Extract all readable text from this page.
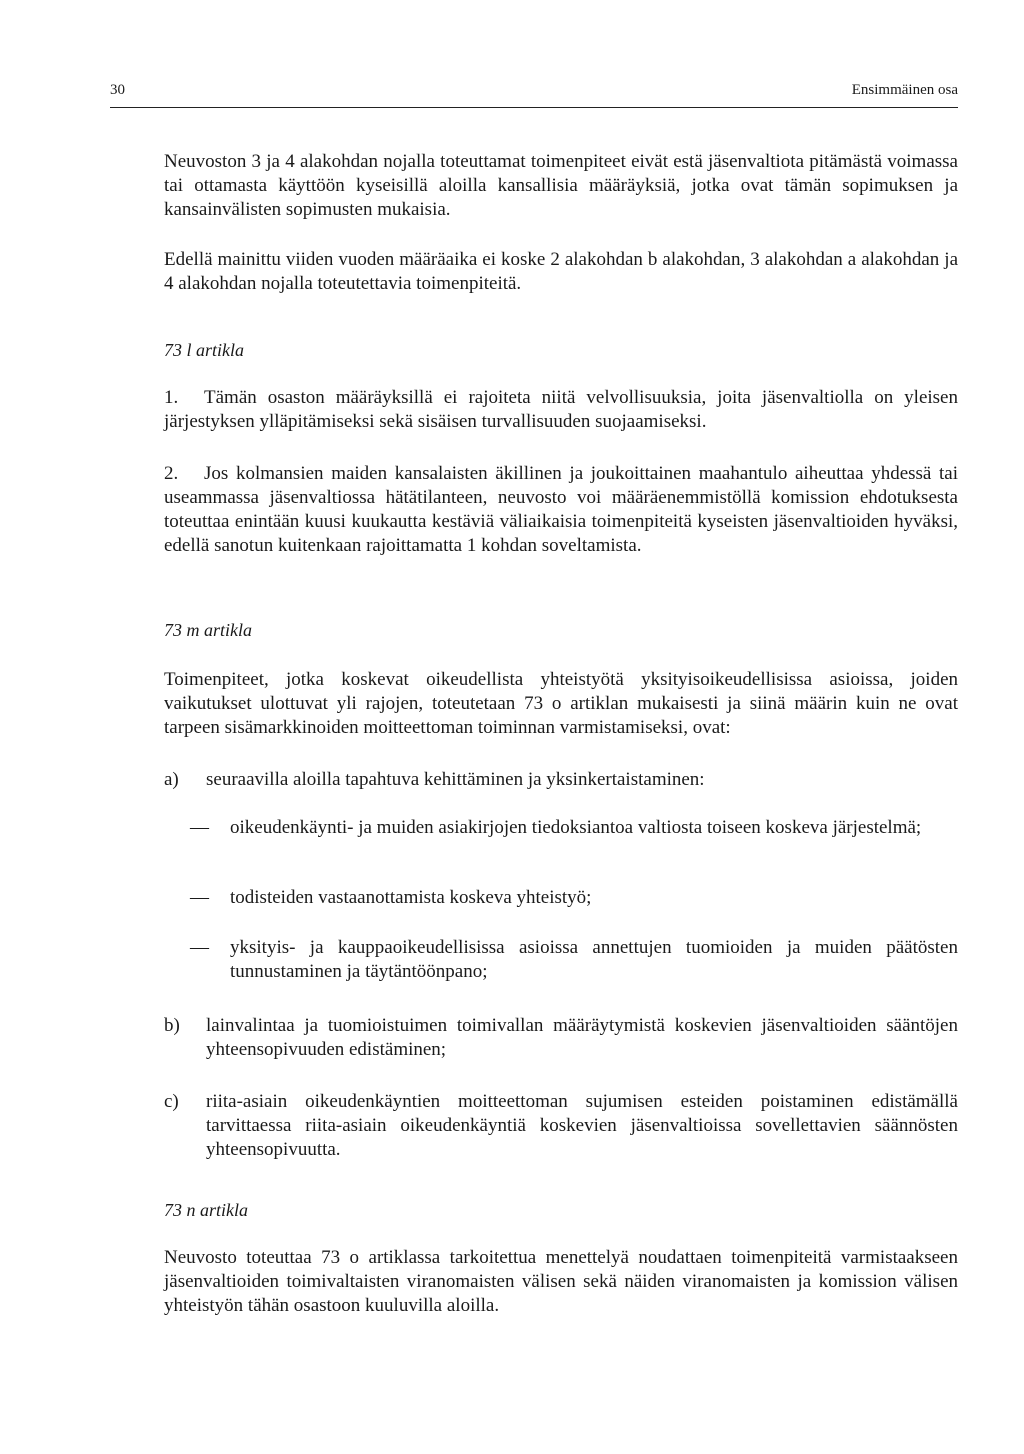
30	Ensimmäinen osa

Neuvoston 3 ja 4 alakohdan nojalla toteuttamat toimenpiteet eivät estä jäsenvaltiota pitämästä voimassa tai ottamasta käyttöön kyseisillä aloilla kansallisia määräyksiä, jotka ovat tämän sopimuksen ja kansainvälisten sopimusten mukaisia.

Edellä mainittu viiden vuoden määräaika ei koske 2 alakohdan b alakohdan, 3 alakohdan a alakohdan ja 4 alakohdan nojalla toteutettavia toimenpiteitä.

73 l artikla
1.	Tämän osaston määräyksillä ei rajoiteta niitä velvollisuuksia, joita jäsenvaltiolla on yleisen järjestyksen ylläpitämiseksi sekä sisäisen turvallisuuden suojaamiseksi.
2.	Jos kolmansien maiden kansalaisten äkillinen ja joukoittainen maahantulo aiheuttaa yhdessä tai useammassa jäsenvaltiossa hätätilanteen, neuvosto voi määräenemmistöllä komission ehdotuksesta toteuttaa enintään kuusi kuukautta kestäviä väliaikaisia toimenpiteitä kyseisten jäsenvaltioiden hyväksi, edellä sanotun kuitenkaan rajoittamatta 1 kohdan soveltamista.
73 m artikla

Toimenpiteet, jotka koskevat oikeudellista yhteistyötä yksityisoikeudellisissa asioissa, joiden vaikutukset ulottuvat yli rajojen, toteutetaan 73 o artiklan mukaisesti ja siinä määrin kuin ne ovat tarpeen sisämarkkinoiden moitteettoman toiminnan varmistamiseksi, ovat:

a) seuraavilla aloilla tapahtuva kehittäminen ja yksinkertaistaminen:
— oikeudenkäynti- ja muiden asiakirjojen tiedoksiantoa valtiosta toiseen koskeva järjestelmä;
— todisteiden vastaanottamista koskeva yhteistyö;
— yksityis- ja kauppaoikeudellisissa asioissa annettujen tuomioiden ja muiden päätösten tunnustaminen ja täytäntöönpano;
b) lainvalintaa ja tuomioistuimen toimivallan määräytymistä koskevien jäsenvaltioiden sääntöjen yhteensopivuuden edistäminen;
c) riita-asiain oikeudenkäyntien moitteettoman sujumisen esteiden poistaminen edistämällä tarvittaessa riita-asiain oikeudenkäyntiä koskevien jäsenvaltioissa sovellettavien säännösten yhteensopivuutta.
73 n artikla

Neuvosto toteuttaa 73 o artiklassa tarkoitettua menettelyä noudattaen toimenpiteitä varmistaakseen jäsenvaltioiden toimivaltaisten viranomaisten välisen sekä näiden viranomaisten ja komission välisen yhteistyön tähän osastoon kuuluvilla aloilla.
